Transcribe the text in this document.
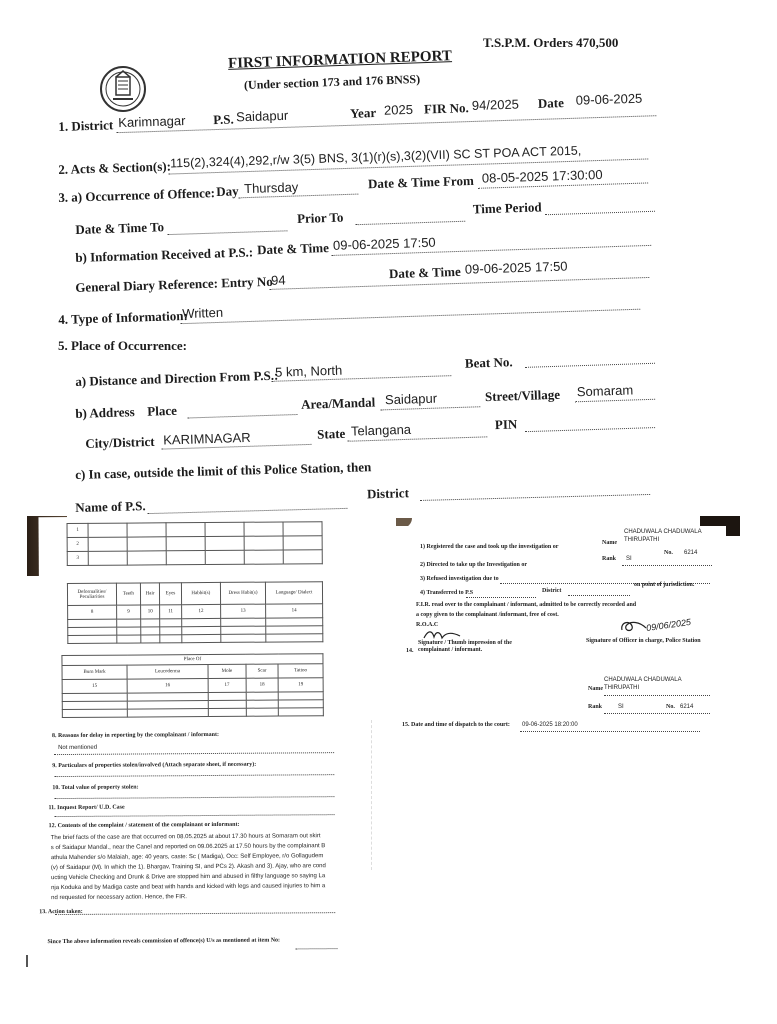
T.S.P.M. Orders 470,500
FIRST INFORMATION REPORT
(Under section 173 and 176 BNSS)
1. District Karimnagar P.S. Saidapur	Year 2025 FIR No. 94/2025 Date 09-06-2025
2. Acts & Section(s):
115(2),324(4),292,r/w 3(5) BNS, 3(1)(r)(s),3(2)(VII) SC ST POA ACT 2015,
3. a) Occurrence of Offence: Day Thursday	Date & Time From 08-05-2025 17:30:00
Date & Time To
Prior To
Time Period
b) Information Received at P.S.: Date & Time 09-06-2025 17:50
General Diary Reference: Entry No
94	Date & Time 09-06-2025 17:50
4. Type of Information:
Written
5. Place of Occurrence:
a) Distance and Direction From P.S.:
5 km, North
Beat No.
b) Address Place	Area/Mandal Saidapur	Street/Village Somaram
City/District KARIMNAGAR	State Telangana	PIN
c) In case, outside the limit of this Police Station, then
Name of P.S.
District
1						
2						
3						
Deformalities/ Peculiarities	Teeth	Hair	Eyes	Habbit(s)	Dress Habit(s)	Language/ Dialect
8	9	10	11	12	13	14

Place Of				
Burn Mark	Leucoderma	Mole	Scar	Tattoo
15	16	17	18	19

8. Reasons for delay in reporting by the complainant / informant:
Not mentioned
9. Particulars of properties stolen/involved (Attach separate sheet, if necessary):
10. Total value of property stolen:
11. Inquest Report/ U.D. Case
12. Contents of the complaint / statement of the complainant or informant:
The brief facts of the case are that occurred on 08.05.2025 at about 17.30 hours at Somaram out skirt
s of Saidapur Mandal., near the Canel and reported on 09.06.2025 at 17.50 hours by the complainant B
athula Mahender s/o Malaiah, age: 40 years, caste: Sc ( Madiga), Occ: Self Employee, r/o Gollagudem
(v) of Saidapur (M). In which the 1). Bhargav, Training SI, and PCs 2). Akash and 3). Ajay, who are cond
ucting Vehicle Checking and Drunk & Drive are stopped him and abused in filthy language so saying La
nja Koduka and by Madiga caste and beat with hands and kicked with legs and caused injuries to him a
nd requested for necessary action. Hence, the FIR.
13. Action taken:
Since The above information reveals commission of offence(s) U/s as mentioned at item No:
CHADUWALA CHADUWALA THIRUPATHI
Name
1) Registered the case and took up the investigation or
Rank SI
No. 6214
2) Directed to take up the Investigation or
3) Refused investigation due to
4) Transferred to P.S	District
on point of jurisdiction.
F.I.R. read over to the complainant / informant, admitted to be correctly recorded and
a copy given to the complainant /informant, free of cost.
R.O.A.C
14.
Signature / Thumb impression of the complainant / informant.
09/06/2025
Signature of Officer in charge, Police Station
Name
CHADUWALA CHADUWALA THIRUPATHI
Rank	SI	No. 6214
15. Date and time of dispatch to the court: 09-06-2025 18:20:00
